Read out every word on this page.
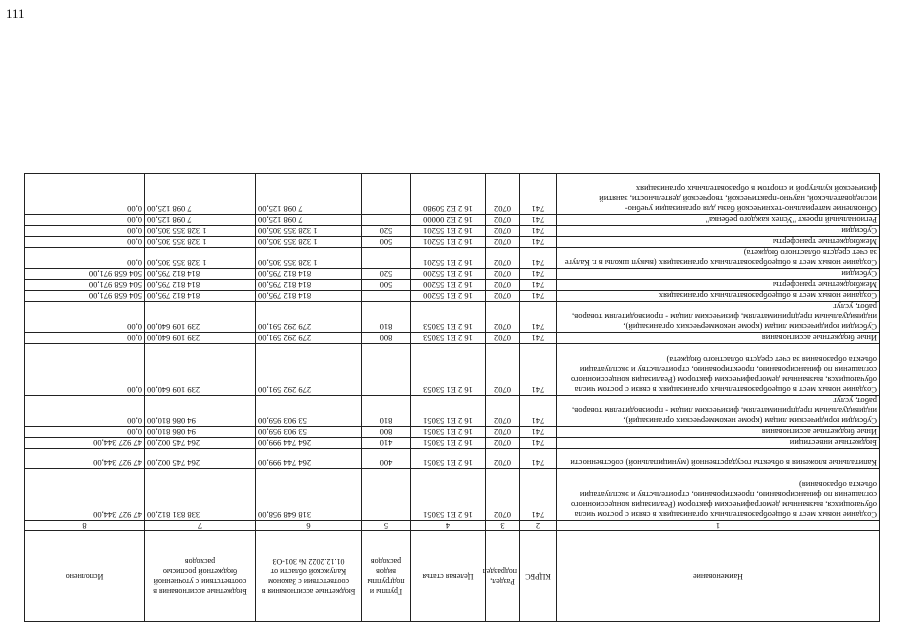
111
Наименование	КЦРБС	Раздел, подраздел	Целевая статья	Группы и подгруппы видов расходов	Бюджетные ассигнования в соответствии с Законом Калужской области от 01.12.2022 № 301-ОЗ	Бюджетные ассигнования в соответствии с уточненной бюджетной росписью расходов	Исполнено
1	2	3	4	5	6	7	8
Создание новых мест в общеобразовательных организациях в связи с ростом числа обучающихся, вызванным демографическим фактором (Реализация концессионного соглашения по финансированию, проектированию, строительству и эксплуатации объекта образования)	741	0702	16 2 E1 53051		318 648 958,00	338 831 812,00	47 927 344,00
Капитальные вложения в объекты государственной (муниципальной) собственности	741	0702	16 2 E1 53051	400	264 744 999,00	264 745 002,00	47 927 344,00
Бюджетные инвестиции	741	0702	16 2 E1 53051	410	264 744 999,00	264 745 002,00	47 927 344,00
Иные бюджетные ассигнования	741	0702	16 2 E1 53051	800	53 903 959,00	94 086 810,00	0,00
Субсидии юридическим лицам (кроме некоммерческих организаций), индивидуальным предпринимателям, физическим лицам - производителям товаров, работ, услуг	741	0702	16 2 E1 53051	810	53 903 959,00	94 086 810,00	0,00
Создание новых мест в общеобразовательных организациях в связи с ростом числа обучающихся, вызванным демографическим фактором (Реализация концессионного соглашения по финансированию, проектированию, строительству и эксплуатации объекта образования за счет средств областного бюджета)	741	0702	16 2 E1 53053		279 292 591,00	239 109 640,00	0,00
Иные бюджетные ассигнования	741	0702	16 2 E1 53053	800	279 292 591,00	239 109 640,00	0,00
Субсидии юридическим лицам (кроме некоммерческих организаций), индивидуальным предпринимателям, физическим лицам - производителям товаров, работ, услуг	741	0702	16 2 E1 53053	810	279 292 591,00	239 109 640,00	0,00
Создание новых мест в общеобразовательных организациях	741	0702	16 2 E1 55200		814 812 795,00	814 812 795,00	504 658 971,00
Межбюджетные трансферты	741	0702	16 2 E1 55200	500	814 812 795,00	814 812 795,00	504 658 971,00
Субсидии	741	0702	16 2 E1 55200	520	814 812 795,00	814 812 795,00	504 658 971,00
Создание новых мест в общеобразовательных организациях (выкуп школы в г. Калуге за счет средств областного бюджета)	741	0702	16 2 E1 55201		1 328 355 305,00	1 328 355 305,00	0,00
Межбюджетные трансферты	741	0702	16 2 E1 55201	500	1 328 355 305,00	1 328 355 305,00	0,00
Субсидии	741	0702	16 2 E1 55201	520	1 328 355 305,00	1 328 355 305,00	0,00
Региональный проект "Успех каждого ребенка"	741	0702	16 2 E2 00000		7 098 125,00	7 098 125,00	0,00
Обновление материально-технической базы для организации учебно-исследовательской, научно-практической, творческой деятельности, занятий физической культурой и спортом в образовательных организациях	741	0702	16 2 E2 50980		7 098 125,00	7 098 125,00	0,00
